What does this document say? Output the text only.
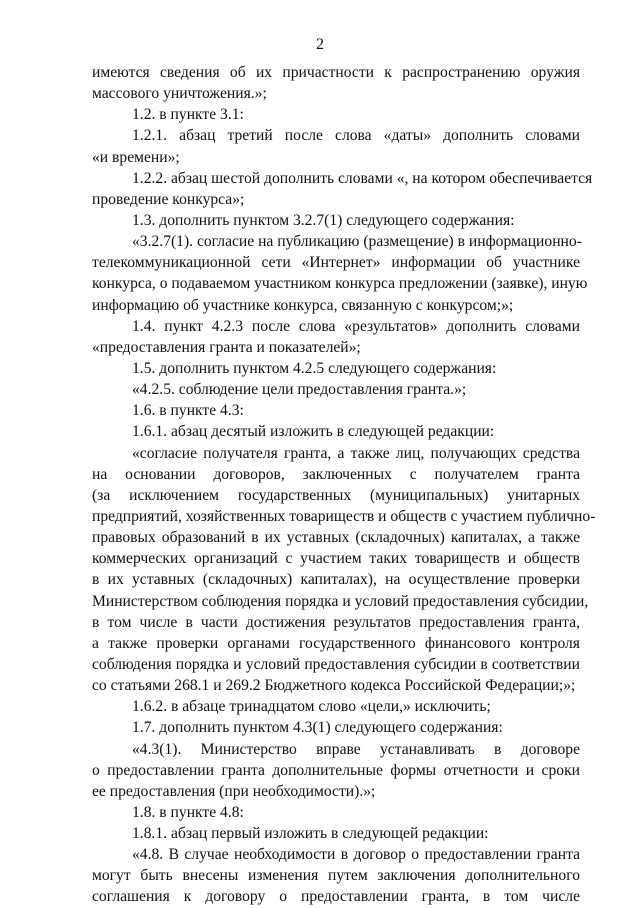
2
имеются сведения об их причастности к распространению оружия
массового уничтожения.»;
1.2. в пункте 3.1:
1.2.1. абзац третий после слова «даты» дополнить словами
«и времени»;
1.2.2. абзац шестой дополнить словами «, на котором обеспечивается
проведение конкурса»;
1.3. дополнить пунктом 3.2.7(1) следующего содержания:
«3.2.7(1). согласие на публикацию (размещение) в информационно-
телекоммуникационной сети «Интернет» информации об участнике
конкурса, о подаваемом участником конкурса предложении (заявке), иную
информацию об участнике конкурса, связанную с конкурсом;»;
1.4. пункт 4.2.3 после слова «результатов» дополнить словами
«предоставления гранта и показателей»;
1.5. дополнить пунктом 4.2.5 следующего содержания:
«4.2.5. соблюдение цели предоставления гранта.»;
1.6. в пункте 4.3:
1.6.1. абзац десятый изложить в следующей редакции:
«согласие получателя гранта, а также лиц, получающих средства
на основании договоров, заключенных с получателем гранта
(за исключением государственных (муниципальных) унитарных
предприятий, хозяйственных товариществ и обществ с участием публично-
правовых образований в их уставных (складочных) капиталах, а также
коммерческих организаций с участием таких товариществ и обществ
в их уставных (складочных) капиталах), на осуществление проверки
Министерством соблюдения порядка и условий предоставления субсидии,
в том числе в части достижения результатов предоставления гранта,
а также проверки органами государственного финансового контроля
соблюдения порядка и условий предоставления субсидии в соответствии
со статьями 268.1 и 269.2 Бюджетного кодекса Российской Федерации;»;
1.6.2. в абзаце тринадцатом слово «цели,» исключить;
1.7. дополнить пунктом 4.3(1) следующего содержания:
«4.3(1). Министерство вправе устанавливать в договоре
о предоставлении гранта дополнительные формы отчетности и сроки
ее предоставления (при необходимости).»;
1.8. в пункте 4.8:
1.8.1. абзац первый изложить в следующей редакции:
«4.8. В случае необходимости в договор о предоставлении гранта
могут быть внесены изменения путем заключения дополнительного
соглашения к договору о предоставлении гранта, в том числе
